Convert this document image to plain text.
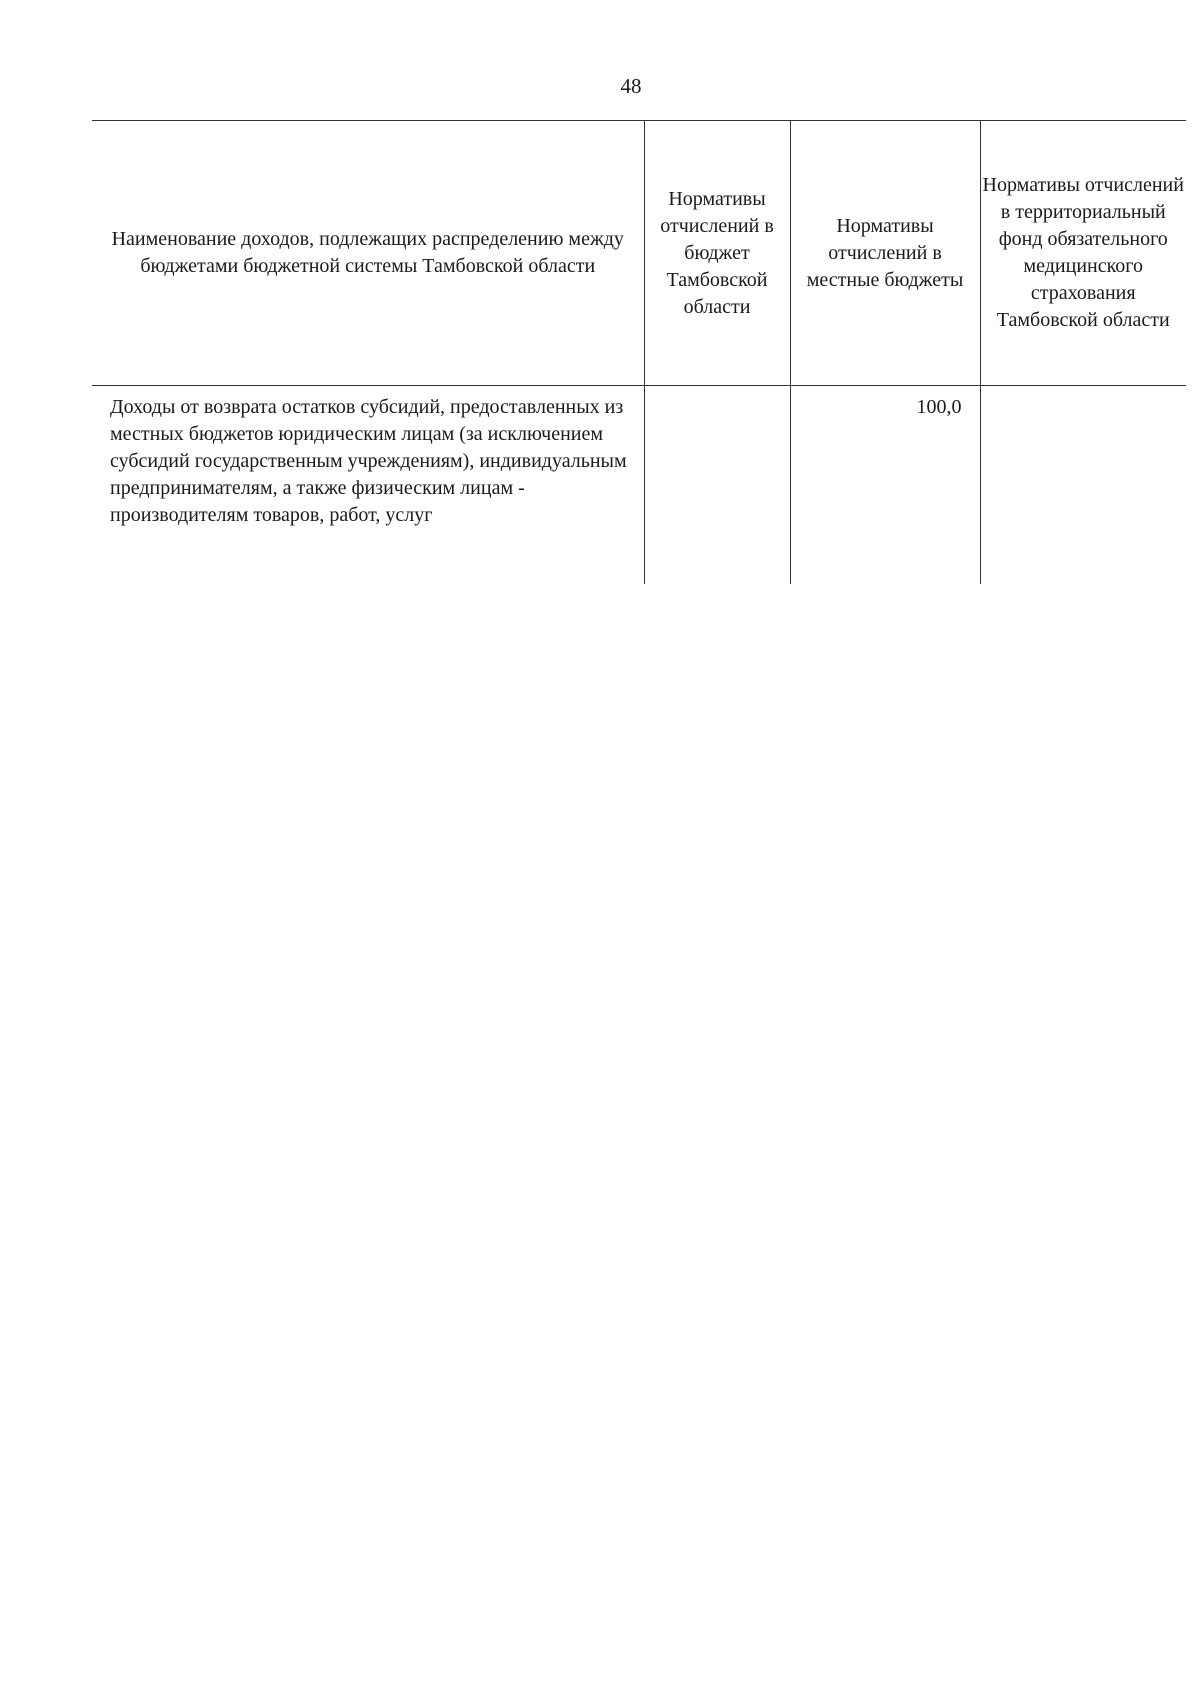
48
Наименование доходов, подлежащих распределению между бюджетами бюджетной системы Тамбовской области	Нормативы отчислений в бюджет Тамбовской области	Нормативы отчислений в местные бюджеты	Нормативы отчислений в территориальный фонд обязательного медицинского страхования Тамбовской области
Доходы от возврата остатков субсидий, предоставленных из местных бюджетов юридическим лицам (за исключением субсидий государственным учреждениям), индивидуальным предпринимателям, а также физическим лицам - производителям товаров, работ, услуг		100,0	
